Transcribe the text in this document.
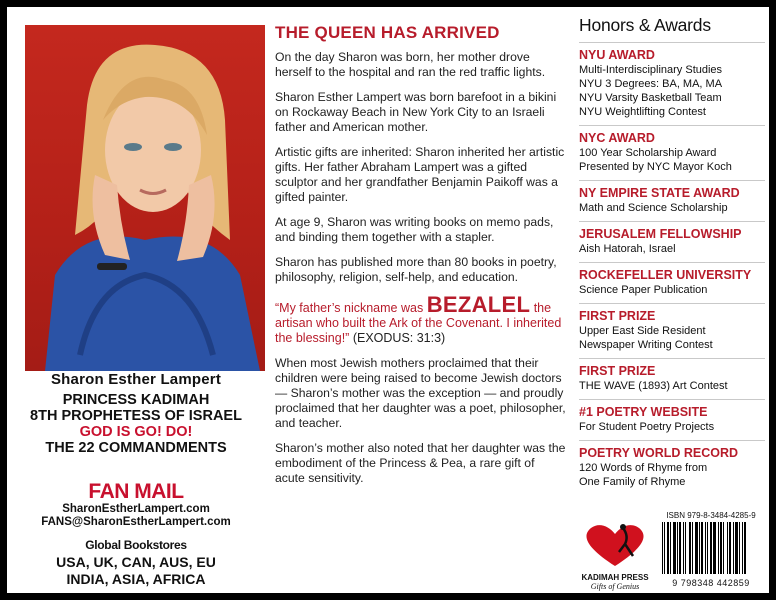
Sharon Esther Lampert
PRINCESS KADIMAH
8TH PROPHETESS OF ISRAEL
GOD IS GO! DO!
THE 22 COMMANDMENTS
FAN MAIL
SharonEstherLampert.com
FANS@SharonEstherLampert.com
Global Bookstores
USA, UK, CAN, AUS, EU
INDIA, ASIA, AFRICA
THE QUEEN HAS ARRIVED

On the day Sharon was born, her mother drove herself to the hospital and ran the red traffic lights.

Sharon Esther Lampert was born barefoot in a bikini on Rockaway Beach in New York City to an Israeli father and American mother.

Artistic gifts are inherited: Sharon inherited her artistic gifts. Her father Abraham Lampert was a gifted sculptor and her grandfather Benjamin Paikoff was a gifted painter.

At age 9, Sharon was writing books on memo pads, and binding them together with a stapler.

Sharon has published more than 80 books in poetry, philosophy, religion, self-help, and education.

“My father’s nickname was BEZALEL the artisan who built the Ark of the Covenant. I inherited the blessing!” (EXODUS: 31:3)

When most Jewish mothers proclaimed that their children were being raised to become Jewish doctors — Sharon’s mother was the exception — and proudly proclaimed that her daughter was a poet, philosopher, and teacher.

Sharon’s mother also noted that her daughter was the embodiment of the Princess & Pea, a rare gift of acute sensitivity.

Honors & Awards
NYU AWARD
Multi-Interdisciplinary Studies
NYU 3 Degrees: BA, MA, MA
NYU Varsity Basketball Team
NYU Weightlifting Contest
NYC AWARD
100 Year Scholarship Award
Presented by NYC Mayor Koch
NY EMPIRE STATE AWARD
Math and Science Scholarship
JERUSALEM FELLOWSHIP
Aish Hatorah, Israel
ROCKEFELLER UNIVERSITY
Science Paper Publication
FIRST PRIZE
Upper East Side Resident
Newspaper Writing Contest
FIRST PRIZE
THE WAVE (1893) Art Contest
#1 POETRY WEBSITE
For Student Poetry Projects
POETRY WORLD RECORD
120 Words of Rhyme from
One Family of Rhyme
KADIMAH PRESS
Gifts of Genius
ISBN 979-8-3484-4285-9
9 798348 442859
